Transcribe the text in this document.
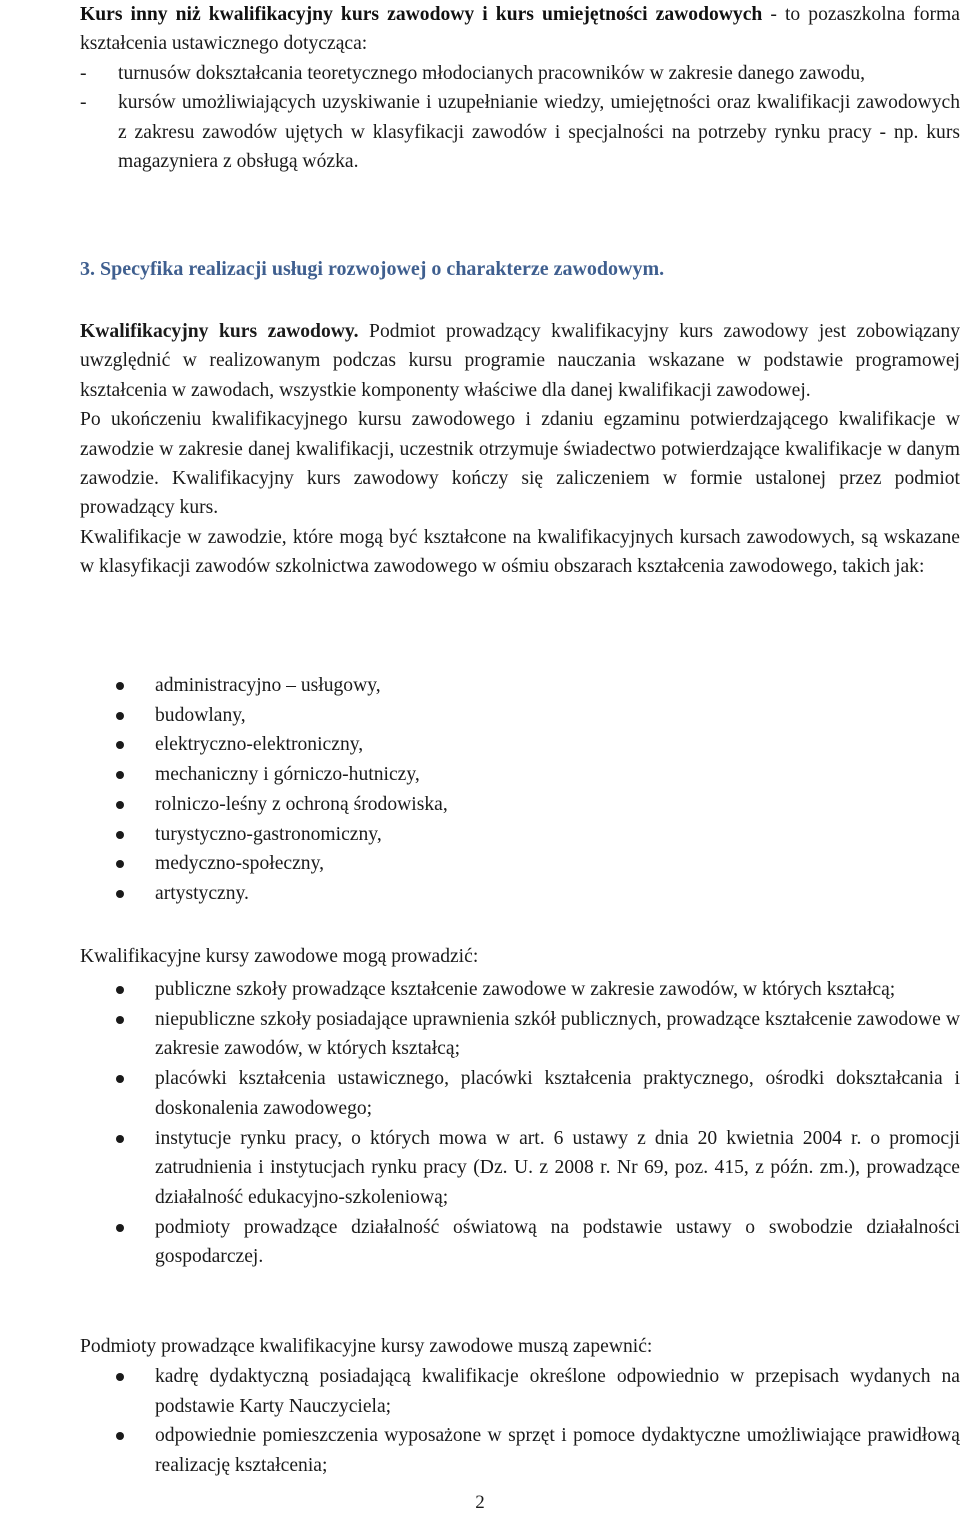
Kurs inny niż kwalifikacyjny kurs zawodowy i kurs umiejętności zawodowych - to pozaszkolna forma kształcenia ustawicznego dotycząca:

- turnusów dokształcania teoretycznego młodocianych pracowników w zakresie danego zawodu,
- kursów umożliwiających uzyskiwanie i uzupełnianie wiedzy, umiejętności oraz kwalifikacji zawodowych z zakresu zawodów ujętych w klasyfikacji zawodów i specjalności na potrzeby rynku pracy - np. kurs magazyniera z obsługą wózka.
3. Specyfika realizacji usługi rozwojowej o charakterze zawodowym.

Kwalifikacyjny kurs zawodowy. Podmiot prowadzący kwalifikacyjny kurs zawodowy jest zobowiązany uwzględnić w realizowanym podczas kursu programie nauczania wskazane w podstawie programowej kształcenia w zawodach, wszystkie komponenty właściwe dla danej kwalifikacji zawodowej.

Po ukończeniu kwalifikacyjnego kursu zawodowego i zdaniu egzaminu potwierdzającego kwalifikacje w zawodzie w zakresie danej kwalifikacji, uczestnik otrzymuje świadectwo potwierdzające kwalifikacje w danym zawodzie. Kwalifikacyjny kurs zawodowy kończy się zaliczeniem w formie ustalonej przez podmiot prowadzący kurs.

Kwalifikacje w zawodzie, które mogą być kształcone na kwalifikacyjnych kursach zawodowych, są wskazane w klasyfikacji zawodów szkolnictwa zawodowego w ośmiu obszarach kształcenia zawodowego, takich jak:

administracyjno – usługowy,
budowlany,
elektryczno-elektroniczny,
mechaniczny i górniczo-hutniczy,
rolniczo-leśny z ochroną środowiska,
turystyczno-gastronomiczny,
medyczno-społeczny,
artystyczny.

Kwalifikacyjne kursy zawodowe mogą prowadzić:

publiczne szkoły prowadzące kształcenie zawodowe w zakresie zawodów, w których kształcą;
niepubliczne szkoły posiadające uprawnienia szkół publicznych, prowadzące kształcenie zawodowe w zakresie zawodów, w których kształcą;
placówki kształcenia ustawicznego, placówki kształcenia praktycznego, ośrodki dokształcania i doskonalenia zawodowego;
instytucje rynku pracy, o których mowa w art. 6 ustawy z dnia 20 kwietnia 2004 r. o promocji zatrudnienia i instytucjach rynku pracy (Dz. U. z 2008 r. Nr 69, poz. 415, z późn. zm.), prowadzące działalność edukacyjno-szkoleniową;
podmioty prowadzące działalność oświatową na podstawie ustawy o swobodzie działalności gospodarczej.

Podmioty prowadzące kwalifikacyjne kursy zawodowe muszą zapewnić:

kadrę dydaktyczną posiadającą kwalifikacje określone odpowiednio w przepisach wydanych na podstawie Karty Nauczyciela;
odpowiednie pomieszczenia wyposażone w sprzęt i pomoce dydaktyczne umożliwiające prawidłową realizację kształcenia;
2
